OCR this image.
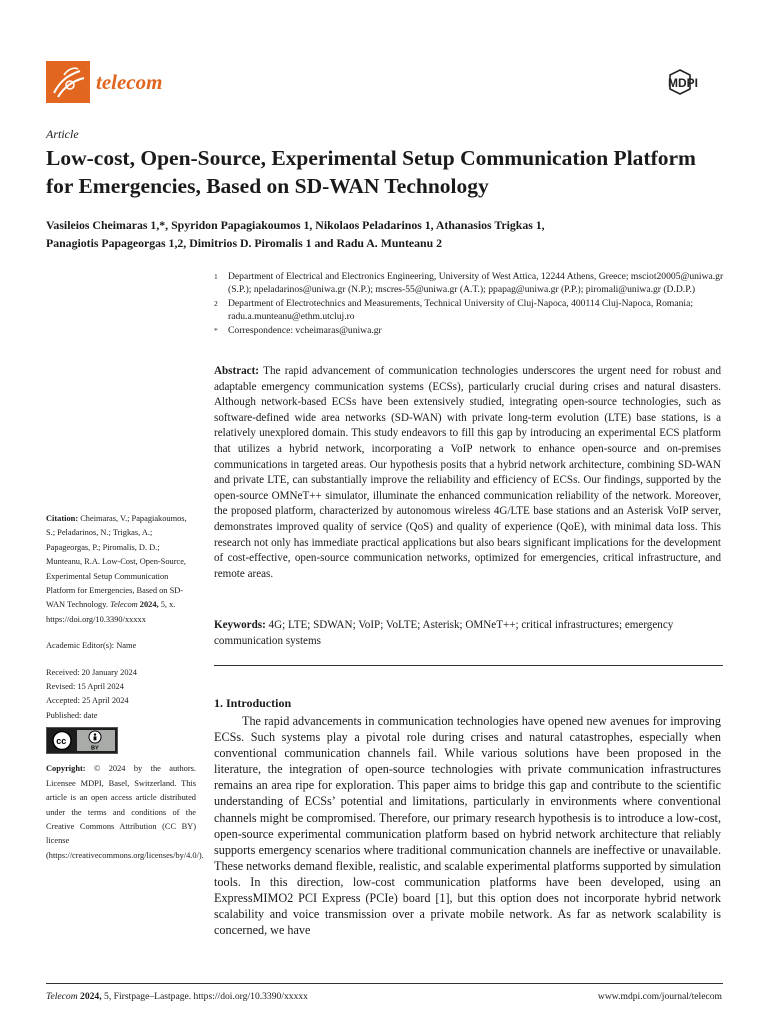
telecom	MDPI
Article
Low-cost, Open-Source, Experimental Setup Communication Platform for Emergencies, Based on SD-WAN Technology
Vasileios Cheimaras 1,*, Spyridon Papagiakoumos 1, Nikolaos Peladarinos 1, Athanasios Trigkas 1,
Panagiotis Papageorgas 1,2, Dimitrios D. Piromalis 1 and Radu A. Munteanu 2
1	Department of Electrical and Electronics Engineering, University of West Attica, 12244 Athens, Greece; msciot20005@uniwa.gr (S.P.); npeladarinos@uniwa.gr (N.P.); mscres-55@uniwa.gr (A.T.); ppapag@uniwa.gr (P.P.); piromali@uniwa.gr (D.D.P.)
2	Department of Electrotechnics and Measurements, Technical University of Cluj-Napoca, 400114 Cluj-Napoca, Romania; radu.a.munteanu@ethm.utcluj.ro
*	Correspondence: vcheimaras@uniwa.gr

Abstract: The rapid advancement of communication technologies underscores the urgent need for robust and adaptable emergency communication systems (ECSs), particularly crucial during crises and natural disasters. Although network-based ECSs have been extensively studied, integrating open-source technologies, such as software-defined wide area networks (SD-WAN) with private long-term evolution (LTE) base stations, is a relatively unexplored domain. This study endeavors to fill this gap by introducing an experimental ECS platform that utilizes a hybrid network, incorporating a VoIP network to enhance open-source and on-premises communications in targeted areas. Our hypothesis posits that a hybrid network architecture, combining SD-WAN and private LTE, can substantially improve the reliability and efficiency of ECSs. Our findings, supported by the open-source OMNeT++ simulator, illuminate the enhanced communication reliability of the network. Moreover, the proposed platform, characterized by autonomous wireless 4G/LTE base stations and an Asterisk VoIP server, demonstrates improved quality of service (QoS) and quality of experience (QoE), with minimal data loss. This research not only has immediate practical applications but also bears significant implications for the development of cost-effective, open-source communication networks, optimized for emergencies, critical infrastructure, and remote areas.

Keywords: 4G; LTE; SDWAN; VoIP; VoLTE; Asterisk; OMNeT++; critical infrastructures; emergency communication systems

Citation: Cheimaras, V.; Papagiakoumos, S.; Peladarinos, N.; Trigkas, A.; Papageorgas, P.; Piromalis, D. D.; Munteanu, R.A. Low-Cost, Open-Source, Experimental Setup Communication Platform for Emergencies, Based on SD-WAN Technology. Telecom 2024, 5, x. https://doi.org/10.3390/xxxxx

Academic Editor(s): Name

Received: 20 January 2024

Revised: 15 April 2024

Accepted: 25 April 2024

Published: date

cc
BY

Copyright: © 2024 by the authors. Licensee MDPI, Basel, Switzerland. This article is an open access article distributed under the terms and conditions of the Creative Commons Attribution (CC BY) license (https://creativecommons.org/licenses/by/4.0/).

1. Introduction

The rapid advancements in communication technologies have opened new avenues for improving ECSs. Such systems play a pivotal role during crises and natural catastrophes, especially when conventional communication channels fail. While various solutions have been proposed in the literature, the integration of open-source technologies with private communication infrastructures remains an area ripe for exploration. This paper aims to bridge this gap and contribute to the scientific understanding of ECSs’ potential and limitations, particularly in environments where conventional channels might be compromised. Therefore, our primary research hypothesis is to introduce a low-cost, open-source experimental communication platform based on hybrid network architecture that reliably supports emergency scenarios where traditional communication channels are ineffective or unavailable. These networks demand flexible, realistic, and scalable experimental platforms supported by simulation tools. In this direction, low-cost communication platforms have been developed, using an ExpressMIMO2 PCI Express (PCIe) board [1], but this option does not incorporate hybrid network scalability and voice transmission over a private mobile network. As far as network scalability is concerned, we have

Telecom 2024, 5, Firstpage–Lastpage. https://doi.org/10.3390/xxxxx	www.mdpi.com/journal/telecom
